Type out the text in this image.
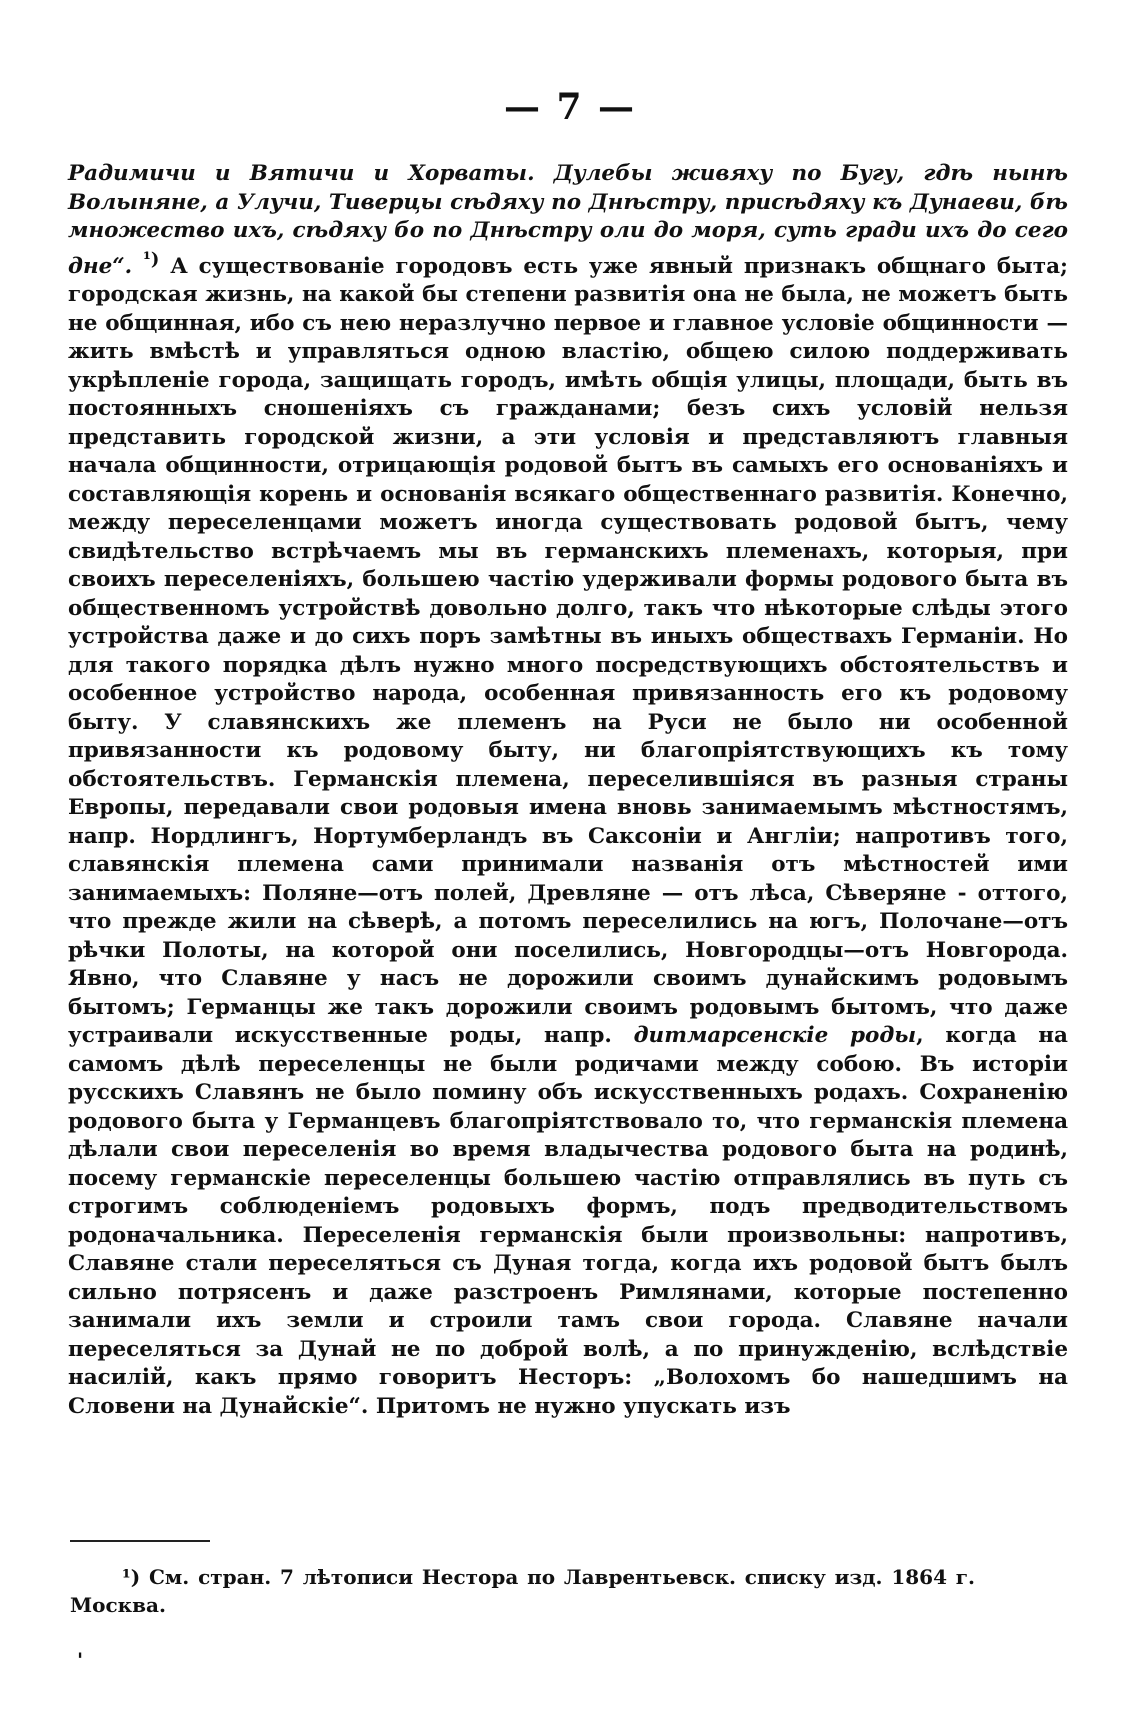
— 7 —
Радимичи и Вятичи и Хорваты. Дулебы живяху по Бугу, гдѣ нынѣ Волыняне, а Улучи, Тиверцы сѣдяху по Днѣстру, присѣдяху къ Дунаеви, бѣ множество ихъ, сѣдяху бо по Днѣстру оли до моря, суть гради ихъ до сего дне“. $^{^1)}$ А существованіе городовъ есть уже явный признакъ общнаго быта; городская жизнь, на какой бы степени развитія она не была, не можетъ быть не общинная, ибо съ нею неразлучно первое и главное условіе общинности — жить вмѣстѣ и управляться одною властію, общею силою поддерживать укрѣпленіе города, защищать городъ, имѣть общія улицы, площади, быть въ постоянныхъ сношеніяхъ съ гражданами; безъ сихъ условій нельзя представить городской жизни, а эти условія и представляютъ главныя начала общинности, отрицающія родовой бытъ въ самыхъ его основаніяхъ и составляющія корень и основанія всякаго общественнаго развитія. Конечно, между переселенцами можетъ иногда существовать родовой бытъ, чему свидѣтельство встрѣчаемъ мы въ германскихъ племенахъ, которыя, при своихъ переселеніяхъ, большею частію удерживали формы родового быта въ общественномъ устройствѣ довольно долго, такъ что нѣкоторые слѣды этого устройства даже и до сихъ поръ замѣтны въ иныхъ обществахъ Германіи. Но для такого порядка дѣлъ нужно много посредствующихъ обстоятельствъ и особенное устройство народа, особенная привязанность его къ родовому быту. У славянскихъ же племенъ на Руси не было ни особенной привязанности къ родовому быту, ни благопріятствующихъ къ тому обстоятельствъ. Германскія племена, переселившіяся въ разныя страны Европы, передавали свои родовыя имена вновь занимаемымъ мѣстностямъ, напр. Нордлингъ, Нортумберландъ въ Саксоніи и Англіи; напротивъ того, славянскія племена сами принимали названія отъ мѣстностей ими занимаемыхъ: Поляне—отъ полей, Древляне — отъ лѣса, Сѣверяне - оттого, что прежде жили на сѣверѣ, а потомъ переселились на югъ, Полочане—отъ рѣчки Полоты, на которой они поселились, Новгородцы—отъ Новгорода. Явно, что Славяне у насъ не дорожили своимъ дунайскимъ родовымъ бытомъ; Германцы же такъ дорожили своимъ родовымъ бытомъ, что даже устраивали искусственные роды, напр. дитмарсенскіе роды, когда на самомъ дѣлѣ переселенцы не были родичами между собою. Въ исторіи русскихъ Славянъ не было помину объ искусственныхъ родахъ. Сохраненію родового быта у Германцевъ благопріятствовало то, что германскія племена дѣлали свои переселенія во время владычества родового быта на родинѣ, посему германскіе переселенцы большею частію отправлялись въ путь съ строгимъ соблюденіемъ родовыхъ формъ, подъ предводительствомъ родоначальника. Переселенія германскія были произвольны: напротивъ, Славяне стали переселяться съ Дуная тогда, когда ихъ родовой бытъ былъ сильно потрясенъ и даже разстроенъ Римлянами, которые постепенно занимали ихъ земли и строили тамъ свои города. Славяне начали переселяться за Дунай не по доброй волѣ, а по принужденію, вслѣдствіе насилій, какъ прямо говоритъ Несторъ: „Волохомъ бо нашедшимъ на Словени на Дунайскіе“. Притомъ не нужно упускать изъ
¹) См. стран. 7 лѣтописи Нестора по Лаврентьевск. списку изд. 1864 г. Москва.
'
